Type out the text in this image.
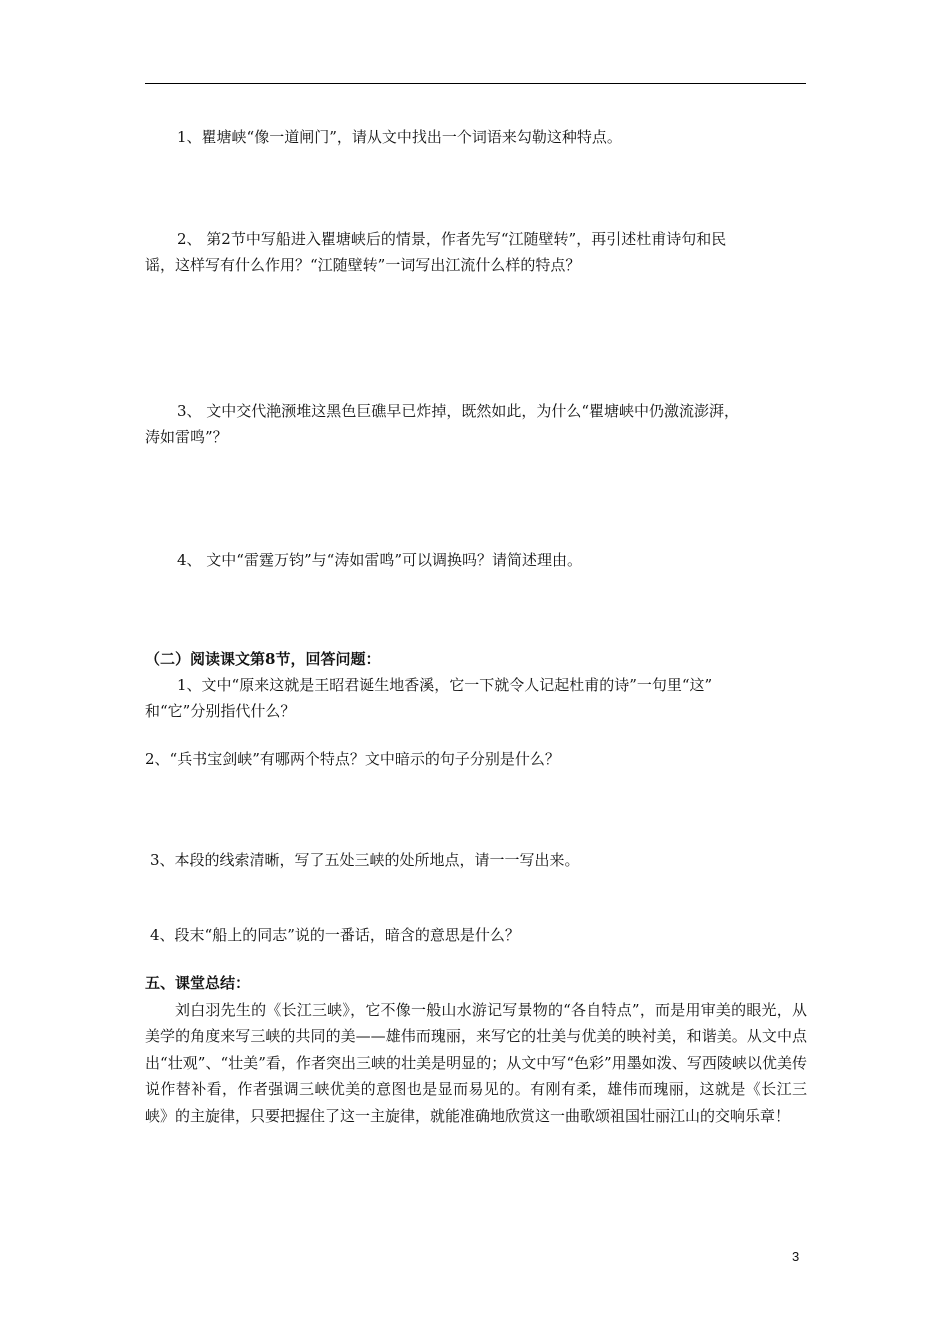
1、瞿塘峡“像一道闸门”，请从文中找出一个词语来勾勒这种特点。
2、 第2节中写船进入瞿塘峡后的情景，作者先写“江随壁转”，再引述杜甫诗句和民
谣，这样写有什么作用？“江随壁转”一词写出江流什么样的特点？
3、 文中交代滟滪堆这黑色巨礁早已炸掉，既然如此，为什么“瞿塘峡中仍激流澎湃，
涛如雷鸣”？
4、 文中“雷霆万钧”与“涛如雷鸣”可以调换吗？请简述理由。
（二）阅读课文第8节，回答问题：
1、文中“原来这就是王昭君诞生地香溪，它一下就令人记起杜甫的诗”一句里“这”
和“它”分别指代什么？
2、“兵书宝剑峡”有哪两个特点？文中暗示的句子分别是什么？
3、本段的线索清晰，写了五处三峡的处所地点，请一一写出来。
4、段末“船上的同志”说的一番话，暗含的意思是什么？
五、课堂总结：
刘白羽先生的《长江三峡》，它不像一般山水游记写景物的“各自特点”，而是用审美的眼光，从美学的角度来写三峡的共同的美——雄伟而瑰丽，来写它的壮美与优美的映衬美，和谐美。从文中点出“壮观”、“壮美”看，作者突出三峡的壮美是明显的；从文中写“色彩”用墨如泼、写西陵峡以优美传说作替补看，作者强调三峡优美的意图也是显而易见的。有刚有柔，雄伟而瑰丽，这就是《长江三峡》的主旋律，只要把握住了这一主旋律，就能准确地欣赏这一曲歌颂祖国壮丽江山的交响乐章！
3
